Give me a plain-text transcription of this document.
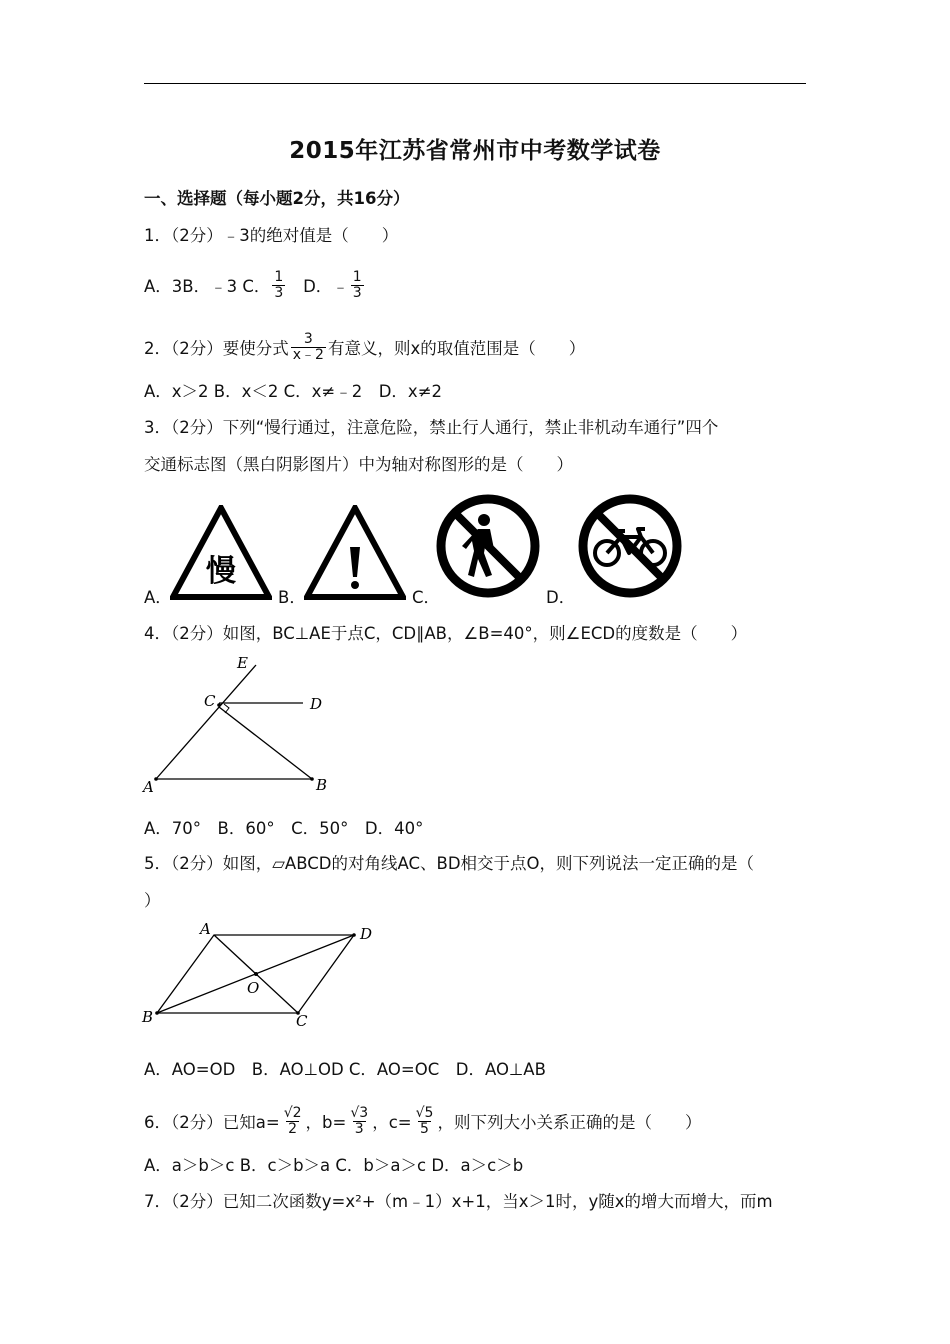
2015年江苏省常州市中考数学试卷
一、选择题（每小题2分，共16分）
1．（2分）﹣3的绝对值是（　　）
A．3B．﹣3 C． $\frac{1}{3}$ D．﹣ $\frac{1}{3}$
2．（2分）要使分式 $\frac{3}{x﹣2}$ 有意义，则x的取值范围是（　　）
A．x＞2 B．x＜2 C．x≠﹣2　D．x≠2
3．（2分）下列“慢行通过，注意危险，禁止行人通行，禁止非机动车通行”四个
交通标志图（黑白阴影图片）中为轴对称图形的是（　　）
A．
慢
B．	C．	D．
4．（2分）如图，BC⊥AE于点C，CD∥AB，∠B=40°，则∠ECD的度数是（　　）
E
C	D
A	B
A．70°　B．60°　C．50°　D．40°
5．（2分）如图，▱ABCD的对角线AC、BD相交于点O，则下列说法一定正确的是（
）
A	D
B	C
O
A．AO=OD　B．AO⊥OD C．AO=OC　D．AO⊥AB
6．（2分）已知$a= \frac{√2}{2}$ ，$b= \frac{√3}{3}$ ，$c= \frac{√5}{5}$ ，则下列大小关系正确的是（　　）
A．a＞b＞c B．c＞b＞a C．b＞a＞c D．a＞c＞b
7．（2分）已知二次函数y=x²+（m﹣1）x+1，当x＞1时，y随x的增大而增大，而m
